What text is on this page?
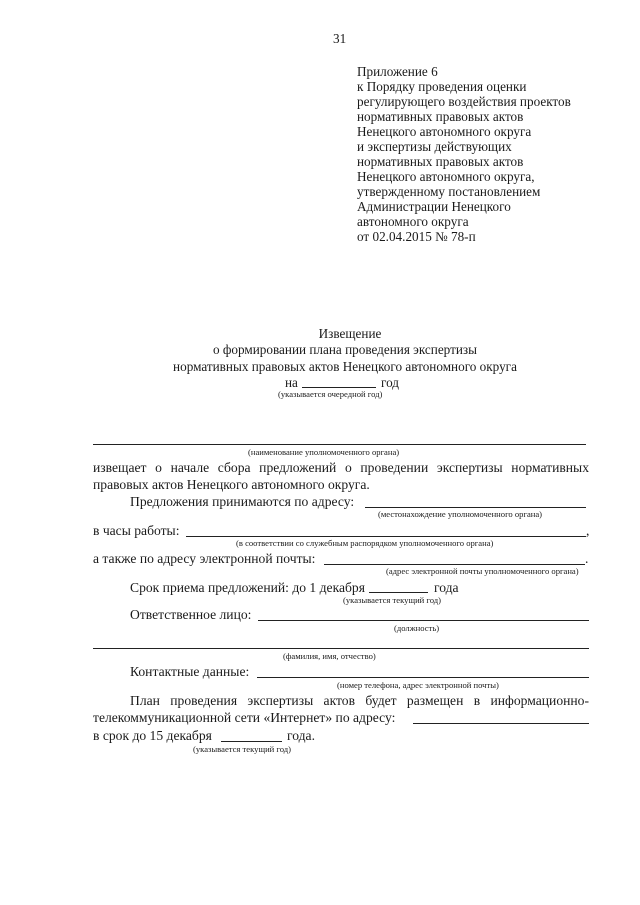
31
Приложение 6
к Порядку проведения оценки
регулирующего воздействия проектов
нормативных правовых актов
Ненецкого автономного округа
и экспертизы действующих
нормативных правовых актов
Ненецкого автономного округа,
утвержденному постановлением
Администрации Ненецкого
автономного округа
от 02.04.2015 № 78-п
Извещение
о формировании плана проведения экспертизы
нормативных правовых актов Ненецкого автономного округа
на	год
(указывается очередной год)
(наименование уполномоченного органа)
извещает о начале сбора предложений о проведении экспертизы нормативных
правовых актов Ненецкого автономного округа.
Предложения принимаются по адресу:
(местонахождение уполномоченного органа)
в часы работы:	,
(в соответствии со служебным распорядком уполномоченного органа)
а также по адресу электронной почты:	.
(адрес электронной почты уполномоченного органа)
Срок приема предложений: до 1 декабря	года
(указывается текущий год)
Ответственное лицо:
(должность)
(фамилия, имя, отчество)
Контактные данные:
(номер телефона, адрес электронной почты)
План проведения экспертизы актов будет размещен в информационно-
телекоммуникационной сети «Интернет» по адресу:
в срок до 15 декабря	года.
(указывается текущий год)
